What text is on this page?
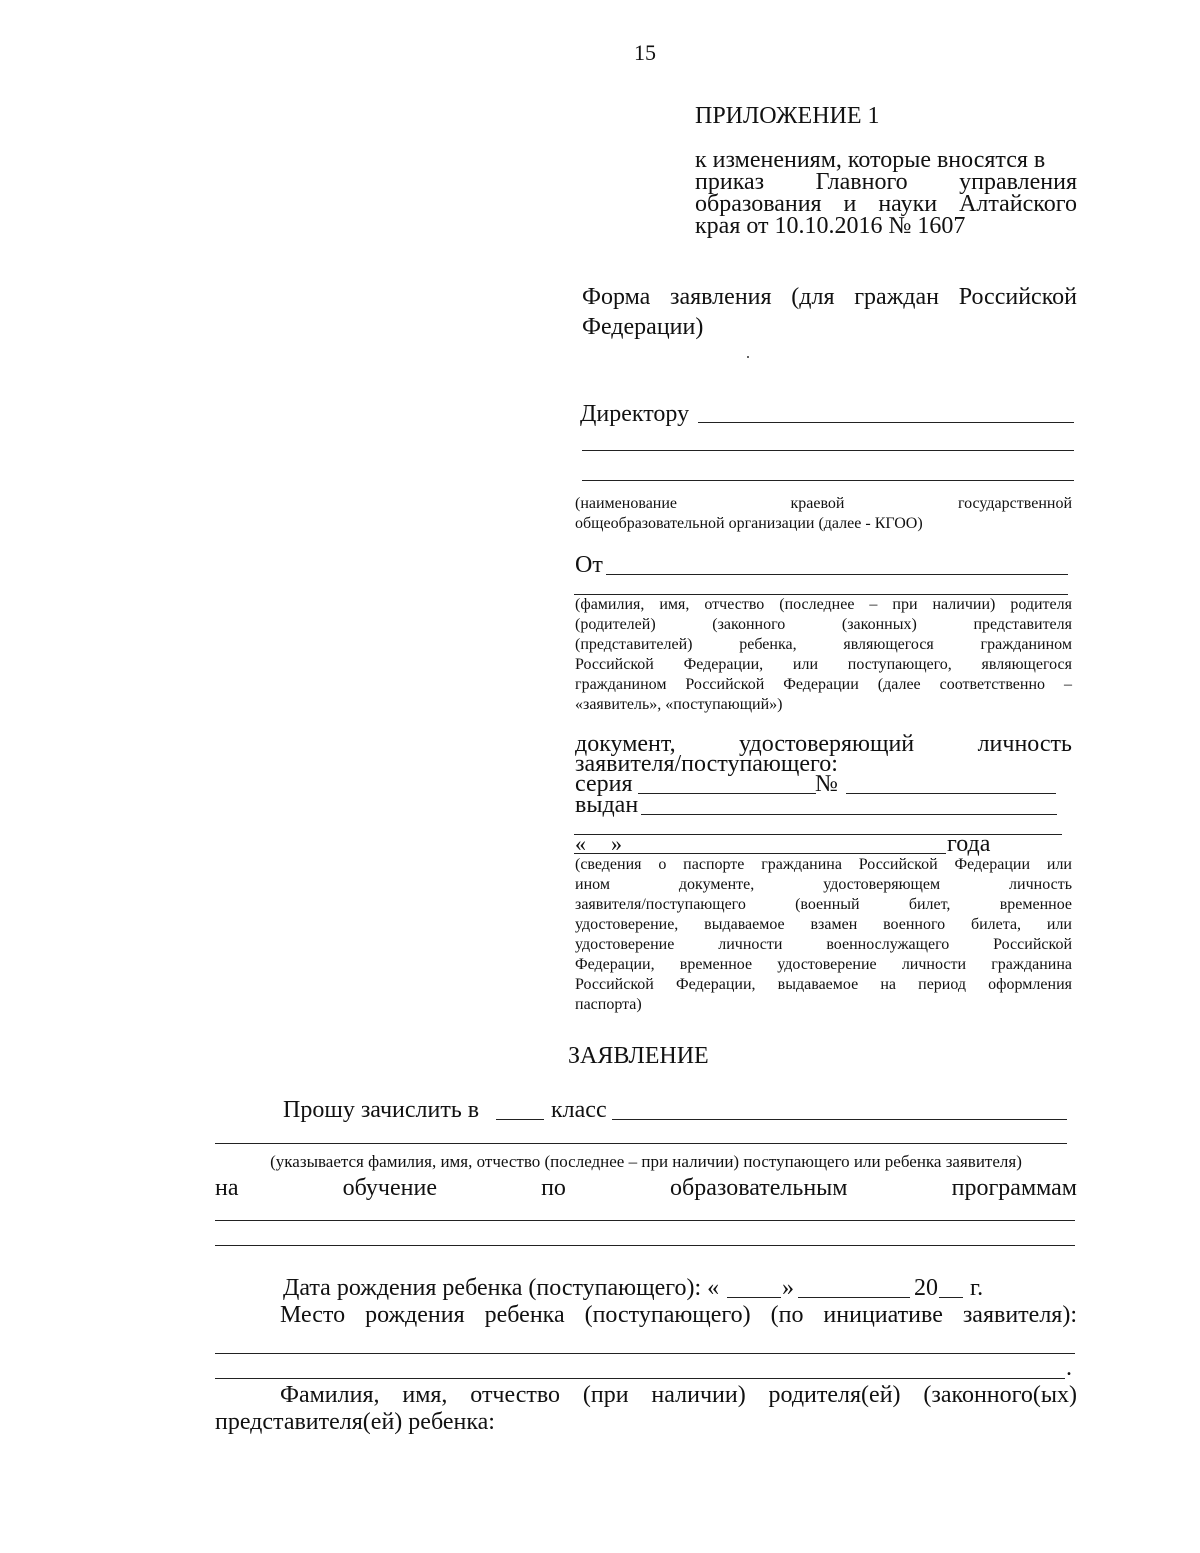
15
ПРИЛОЖЕНИЕ 1
к изменениям, которые вносятся в
приказ Главного управления
образования и науки Алтайского
края от 10.10.2016 № 1607
Форма заявления (для граждан Российской
Федерации)
Директору
(наименование краевой государственной
общеобразовательной организации (далее - КГОО)
От
(фамилия, имя, отчество (последнее – при наличии) родителя
(родителей) (законного (законных) представителя
(представителей) ребенка, являющегося гражданином
Российской Федерации, или поступающего, являющегося
гражданином Российской Федерации (далее соответственно –
«заявитель», «поступающий»)
документ, удостоверяющий личность
заявителя/поступающего:
серия	№
выдан
« »	года
(сведения о паспорте гражданина Российской Федерации или
ином документе, удостоверяющем личность
заявителя/поступающего (военный билет, временное
удостоверение, выдаваемое взамен военного билета, или
удостоверение личности военнослужащего Российской
Федерации, временное удостоверение личности гражданина
Российской Федерации, выдаваемое на период оформления
паспорта)
ЗАЯВЛЕНИЕ
Прошу зачислить в	класс
(указывается фамилия, имя, отчество (последнее – при наличии) поступающего или ребенка заявителя)
на обучение по образовательным программам
Дата рождения ребенка (поступающего): «	»	20 г.
Место рождения ребенка (поступающего) (по инициативе заявителя):
.
Фамилия, имя, отчество (при наличии) родителя(ей) (законного(ых)
представителя(ей) ребенка:
